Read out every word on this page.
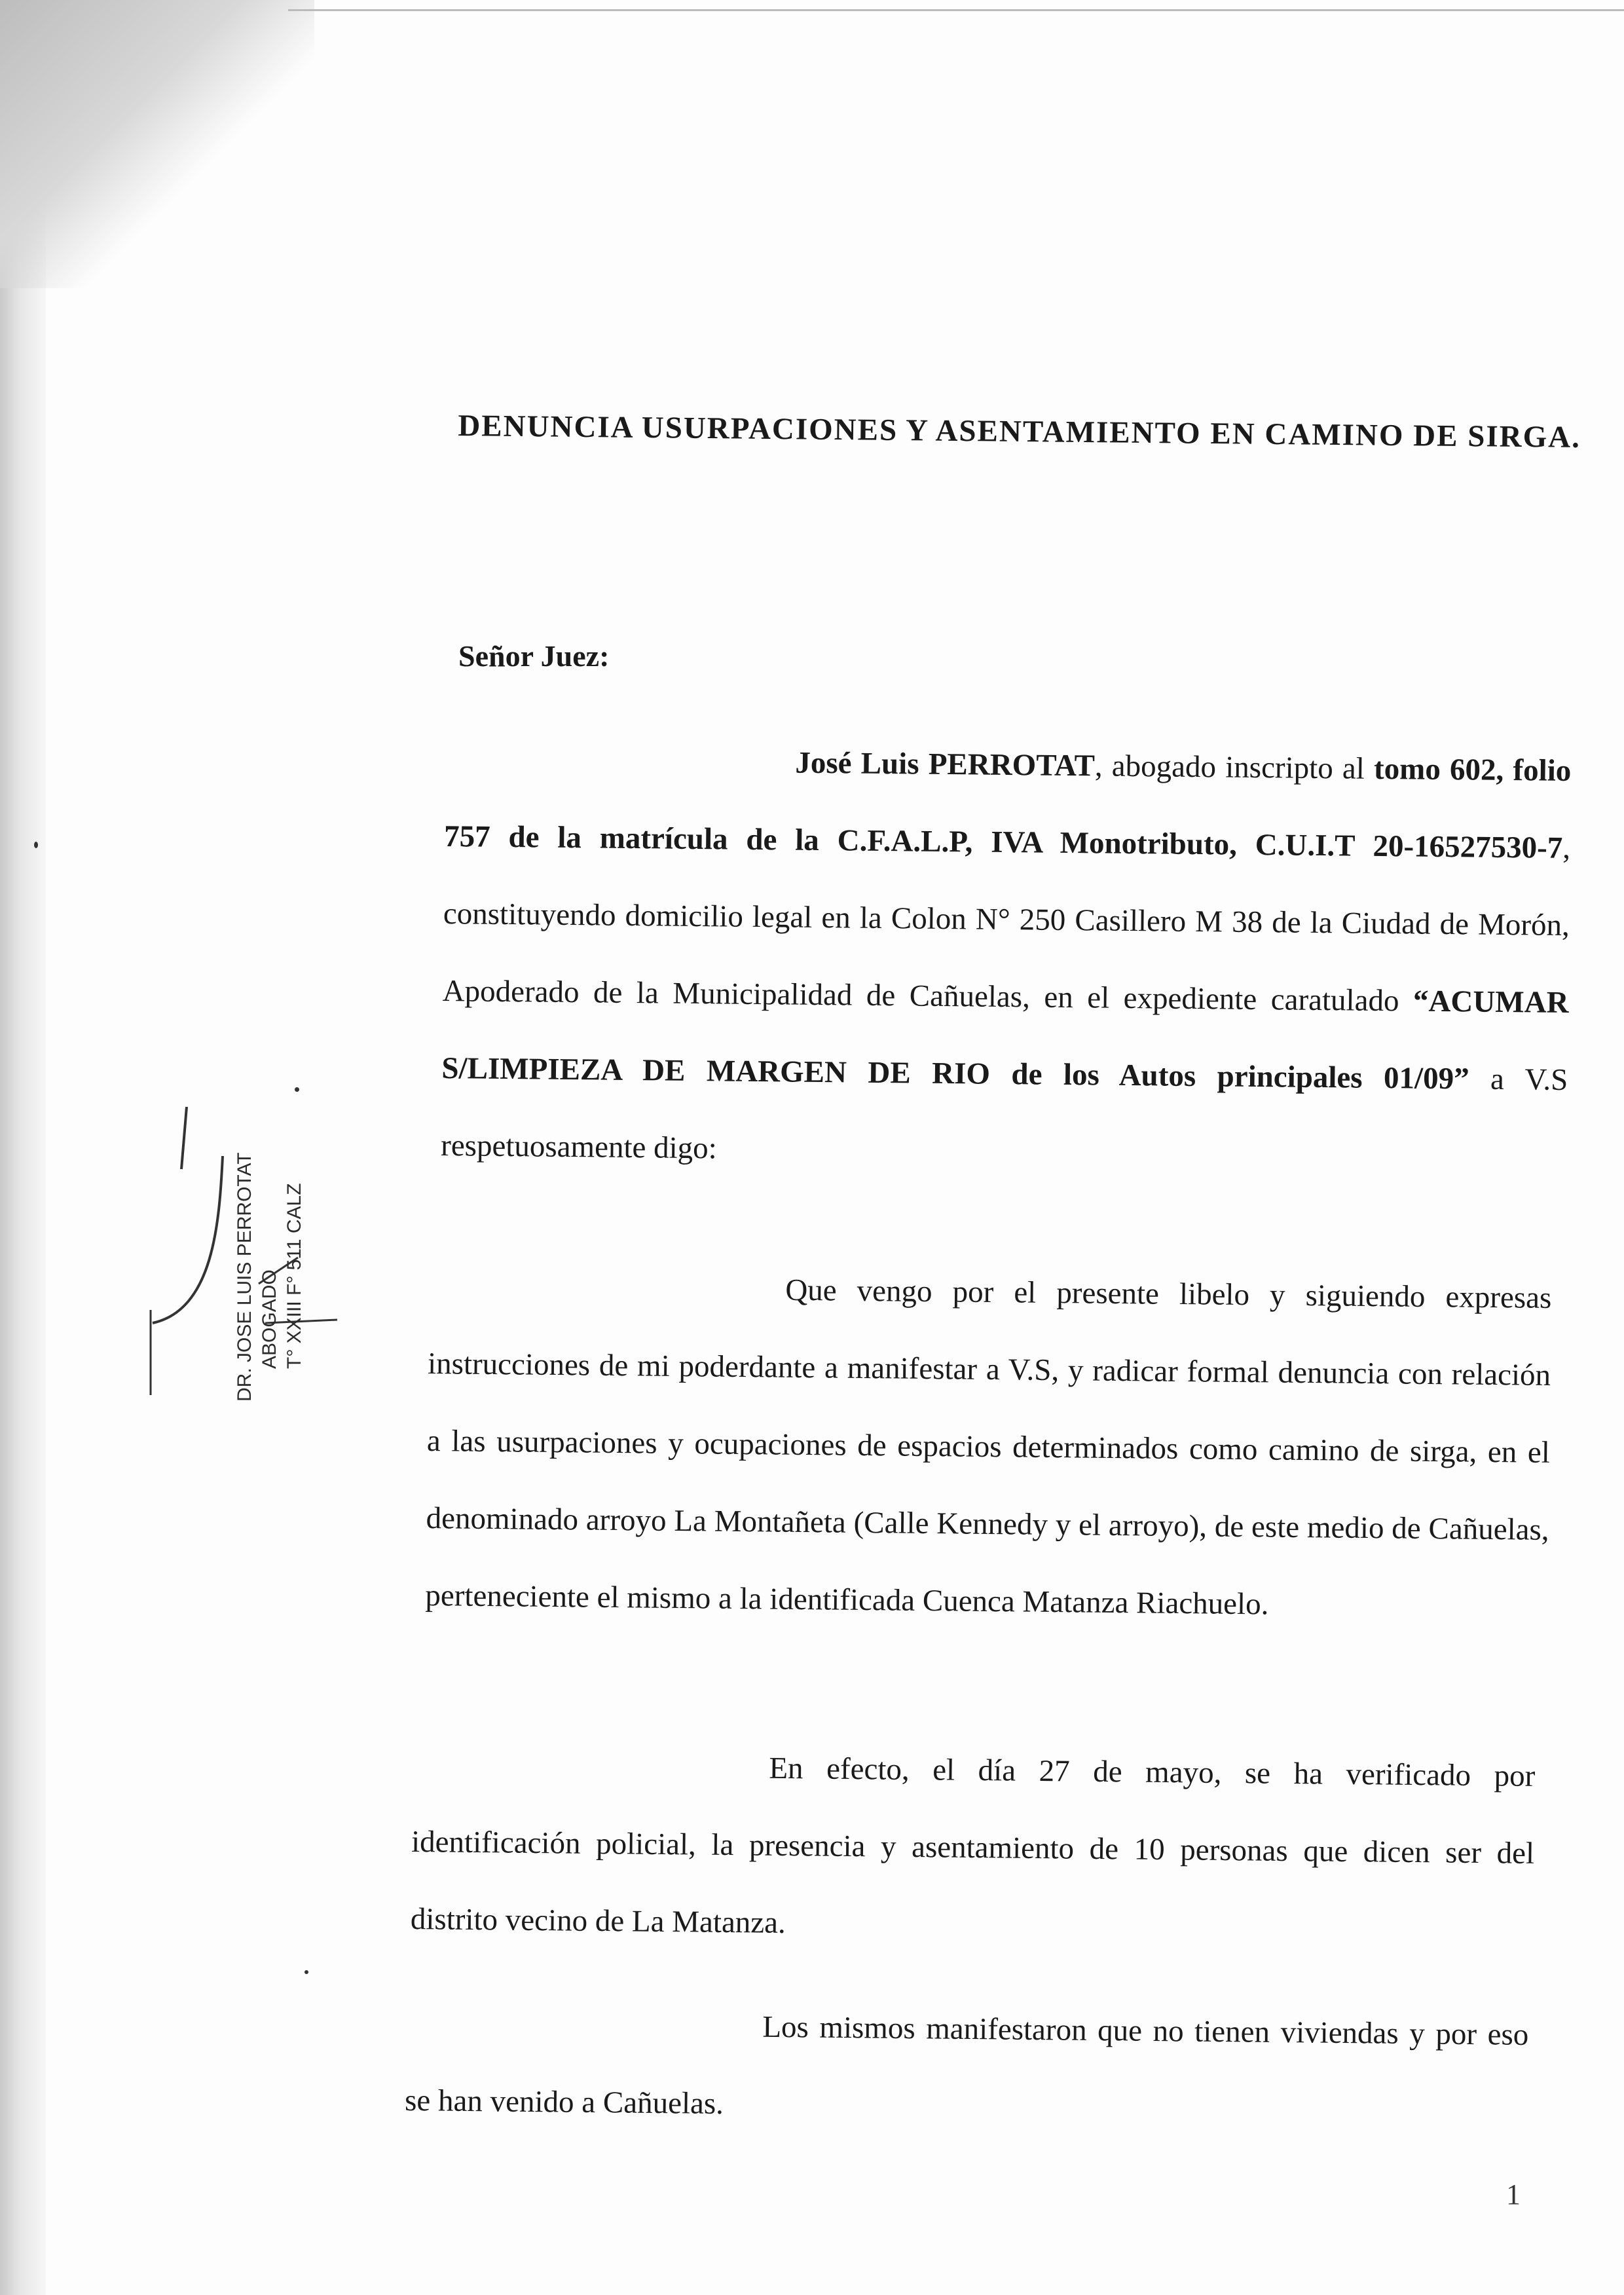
DENUNCIA USURPACIONES Y ASENTAMIENTO EN CAMINO DE SIRGA.
Señor Juez:
José Luis PERROTAT, abogado inscripto al tomo 602, folio 757 de la matrícula de la C.F.A.L.P, IVA Monotributo, C.U.I.T 20-16527530-7, constituyendo domicilio legal en la Colon N° 250 Casillero M 38 de la Ciudad de Morón, Apoderado de la Municipalidad de Cañuelas, en el expediente caratulado “ACUMAR S/LIMPIEZA DE MARGEN DE RIO de los Autos principales 01/09” a V.S respetuosamente digo:
Que vengo por el presente libelo y siguiendo expresas instrucciones de mi poderdante a manifestar a V.S, y radicar formal denuncia con relación a las usurpaciones y ocupaciones de espacios determinados como camino de sirga, en el denominado arroyo La Montañeta (Calle Kennedy y el arroyo), de este medio de Cañuelas, perteneciente el mismo a la identificada Cuenca Matanza Riachuelo.
En efecto, el día 27 de mayo, se ha verificado por identificación policial, la presencia y asentamiento de 10 personas que dicen ser del distrito vecino de La Matanza.
Los mismos manifestaron que no tienen viviendas y por eso se han venido a Cañuelas.
DR. JOSE LUIS PERROTAT ABOGADO T° XXIII F° 511 CALZ
1
